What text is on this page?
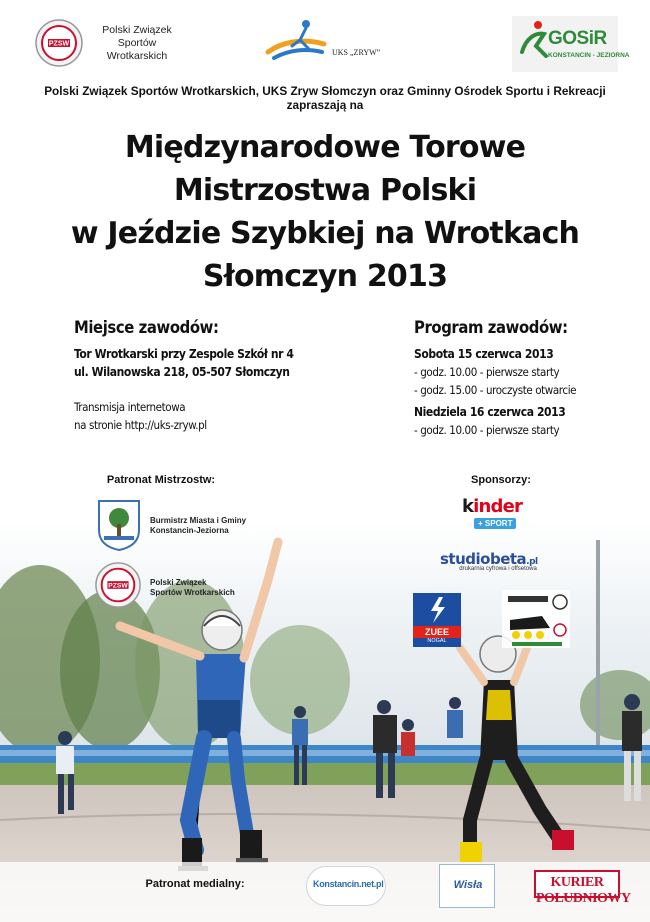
PZSW
Polski Związek
Sportów
Wrotkarskich	UKS „ZRYW”
GOSiR
KONSTANCIN - JEZIORNA
Polski Związek Sportów Wrotkarskich, UKS Zryw Słomczyn oraz Gminny Ośrodek Sportu i Rekreacji
zapraszają na
Międzynarodowe Torowe
Mistrzostwa Polski
w Jeździe Szybkiej na Wrotkach
Słomczyn 2013
Miejsce zawodów:
Tor Wrotkarski przy Zespole Szkół nr 4
ul. Wilanowska 218, 05-507 Słomczyn
Transmisja internetowa
na stronie http://uks-zryw.pl
Program zawodów:
Sobota 15 czerwca 2013
- godz. 10.00 - pierwsze starty
- godz. 15.00 - uroczyste otwarcie
Niedziela 16 czerwca 2013
- godz. 10.00 - pierwsze starty
Patronat Mistrzostw:
Burmistrz Miasta i Gminy
Konstancin-Jeziorna
PZSW	Polski Związek
Sportów Wrotkarskich
Sponsorzy:
kinder
+ SPORT
studiobeta.pl
drukarnia cyfrowa i offsetowa
ZUEE
NOGAL
Patronat medialny:	Konstancin.net.pl	Wisła	KURIER POŁUDNIOWY
